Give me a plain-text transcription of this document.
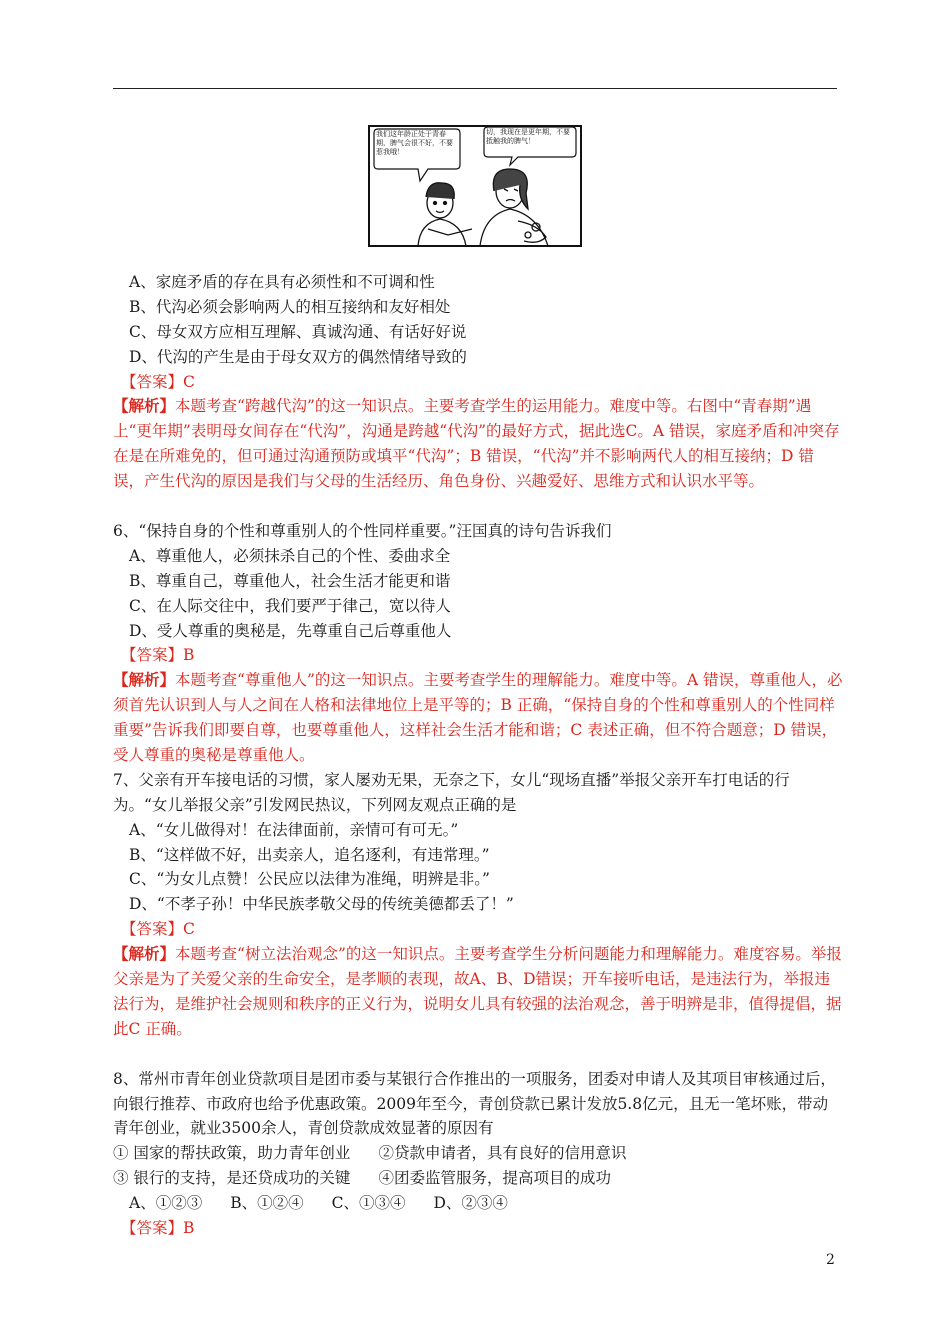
我们这年龄正处于青春期，脾气会很不好，不要惹我哦！
切，我现在是更年期，不要抵触我的脾气！
A、家庭矛盾的存在具有必须性和不可调和性
B、代沟必须会影响两人的相互接纳和友好相处
C、母女双方应相互理解、真诚沟通、有话好好说
D、代沟的产生是由于母女双方的偶然情绪导致的
【答案】C
【解析】本题考查“跨越代沟”的这一知识点。主要考查学生的运用能力。难度中等。右图中“青春期”遇上“更年期”表明母女间存在“代沟”，沟通是跨越“代沟”的最好方式，据此选C。A 错误，家庭矛盾和冲突存在是在所难免的，但可通过沟通预防或填平“代沟”；B 错误，“代沟”并不影响两代人的相互接纳；D 错误，产生代沟的原因是我们与父母的生活经历、角色身份、兴趣爱好、思维方式和认识水平等。
6、“保持自身的个性和尊重别人的个性同样重要。”汪国真的诗句告诉我们
A、尊重他人，必须抹杀自己的个性、委曲求全
B、尊重自己，尊重他人，社会生活才能更和谐
C、在人际交往中，我们要严于律己，宽以待人
D、受人尊重的奥秘是，先尊重自己后尊重他人
【答案】B
【解析】本题考查“尊重他人”的这一知识点。主要考查学生的理解能力。难度中等。A 错误，尊重他人，必须首先认识到人与人之间在人格和法律地位上是平等的；B 正确，“保持自身的个性和尊重别人的个性同样重要”告诉我们即要自尊，也要尊重他人，这样社会生活才能和谐；C 表述正确，但不符合题意；D 错误，受人尊重的奥秘是尊重他人。
7、父亲有开车接电话的习惯，家人屡劝无果，无奈之下，女儿“现场直播”举报父亲开车打电话的行为。“女儿举报父亲”引发网民热议，下列网友观点正确的是
A、“女儿做得对！在法律面前，亲情可有可无。”
B、“这样做不好，出卖亲人，追名逐利，有违常理。”
C、“为女儿点赞！公民应以法律为准绳，明辨是非。”
D、“不孝子孙！中华民族孝敬父母的传统美德都丢了！”
【答案】C
【解析】本题考查“树立法治观念”的这一知识点。主要考查学生分析问题能力和理解能力。难度容易。举报父亲是为了关爱父亲的生命安全，是孝顺的表现，故A、B、D错误；开车接听电话，是违法行为，举报违法行为，是维护社会规则和秩序的正义行为，说明女儿具有较强的法治观念，善于明辨是非，值得提倡，据此C 正确。
8、常州市青年创业贷款项目是团市委与某银行合作推出的一项服务，团委对申请人及其项目审核通过后，向银行推荐、市政府也给予优惠政策。2009年至今，青创贷款已累计发放5.8亿元，且无一笔坏账，带动青年创业，就业3500余人，青创贷款成效显著的原因有
① 国家的帮扶政策，助力青年创业 ②贷款申请者，具有良好的信用意识
③ 银行的支持，是还贷成功的关键 ④团委监管服务，提高项目的成功
A、①②③ B、①②④ C、①③④ D、②③④
【答案】B
2
